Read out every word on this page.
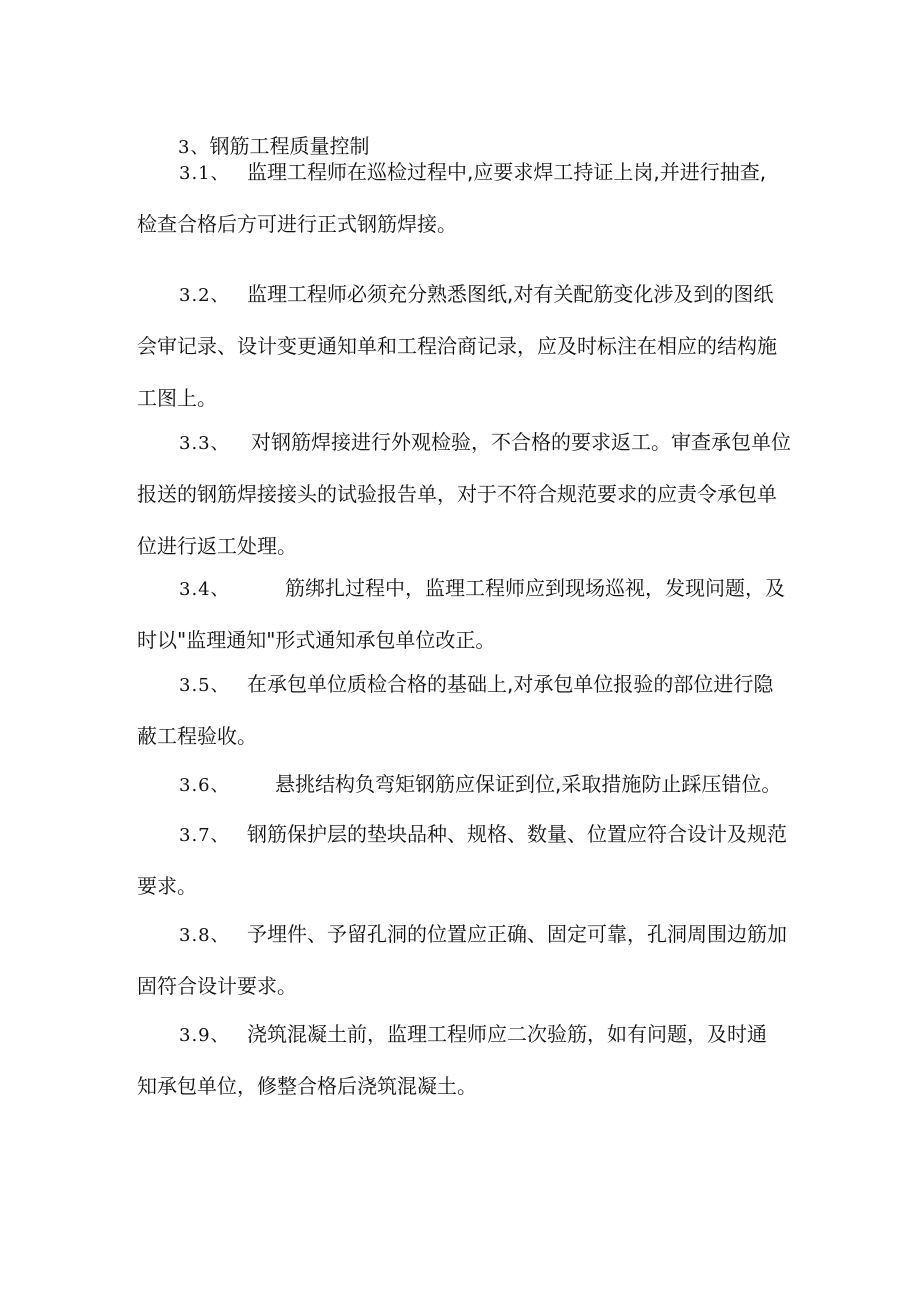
3、钢筋工程质量控制
3.1、 监理工程师在巡检过程中,应要求焊工持证上岗,并进行抽查,
检查合格后方可进行正式钢筋焊接。
3.2、 监理工程师必须充分熟悉图纸,对有关配筋变化涉及到的图纸
会审记录、设计变更通知单和工程洽商记录，应及时标注在相应的结构施
工图上。
3.3、 对钢筋焊接进行外观检验，不合格的要求返工。审查承包单位
报送的钢筋焊接接头的试验报告单，对于不符合规范要求的应责令承包单
位进行返工处理。
3.4、	筋绑扎过程中，监理工程师应到现场巡视，发现问题，及
时以"监理通知"形式通知承包单位改正。
3.5、 在承包单位质检合格的基础上,对承包单位报验的部位进行隐
蔽工程验收。
3.6、 悬挑结构负弯矩钢筋应保证到位,采取措施防止踩压错位。
3.7、 钢筋保护层的垫块品种、规格、数量、位置应符合设计及规范
要求。
3.8、 予埋件、予留孔洞的位置应正确、固定可靠，孔洞周围边筋加
固符合设计要求。
3.9、 浇筑混凝土前，监理工程师应二次验筋，如有问题，及时通
知承包单位，修整合格后浇筑混凝土。
